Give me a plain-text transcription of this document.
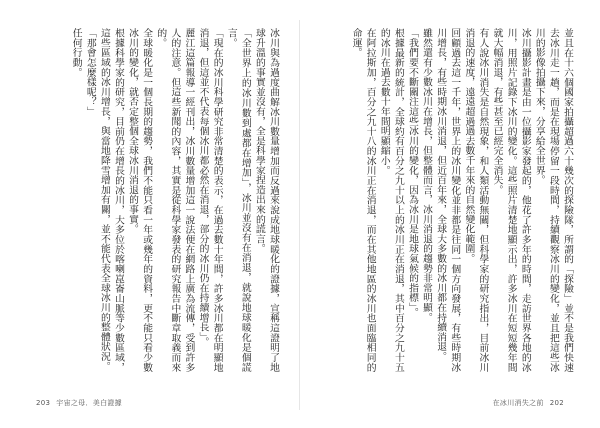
冰川與為過度曲解冰川數量增加而反過來說成地球暖化的證據，宣稱這證明了地球升溫的事實並沒有，全是科學家捏造出來的謊言。
「全世界上的冰川數到處都在增加」，冰川並沒有在消退，就說地球暖化是個謊言。
「現在的冰川科學研究非常清楚的表示，在過去數十年間，許多冰川都在明顯地消退，但這並不代表每個冰川都必然在消退，部分的冰川仍在持續增長」。
麗江這篇報導一經刊出，冰川數量增加這一說法便在網路上廣為流傳，受到許多人的注意。但這些新聞的內容，其實是從科學家發表的研究報告中斷章取義而來的。
全球暖化是一個長期的趨勢，我們不能只看一年或幾年的資料，更不能只看少數冰川的變化，就否定整個全球冰川消退的事實。
根據科學家的研究，目前仍在增長的冰川，大多位於喀喇崑崙山脈等少數區域，這些區域的冰川增長，與當地降雪增加有關，並不能代表全球冰川的整體狀況。
「那會怎麼樣呢？」
任何行動。
203 宇宙之母．美白證據
並且在十六個國家拍攝超過六十幾次的探險隊，所謂的「探險」並不是我們快速去冰川走一趟，而是在現場停留一段時間，持續觀察冰川的變化，並且把這些冰川的影像拍攝下來，分享給全世界。
冰川攝影計畫是由一位攝影家發起的，他花了許多年的時間，走訪世界各地的冰川，用照片記錄下冰川的變化。這些照片清楚地顯示出，許多冰川在短短幾年間就大幅消退，有些甚至已經完全消失。
有人說冰川消失是自然現象，和人類活動無關，但科學家的研究指出，目前冰川消退的速度，遠遠超過過去數千年來的自然變化範圍。
回顧過去這一千年，世界上的冰川變化並非都是往同一個方向發展，有些時期冰川增長，有些時期冰川消退，但近百年來，全球大多數的冰川都在持續消退。
雖然還有少數冰川在增長，但整體而言，冰川消退的趨勢非常明顯。
「我們要不斷關注這些冰川的變化，因為冰川是地球氣候的指標」。
根據最新的統計，全球約有百分之九十以上的冰川正在消退，其中百分之九十五的冰川在過去數十年間明顯縮小。
在阿拉斯加，百分之九十八的冰川正在消退，而在其他地區的冰川也面臨相同的命運。
在冰川消失之前 202
